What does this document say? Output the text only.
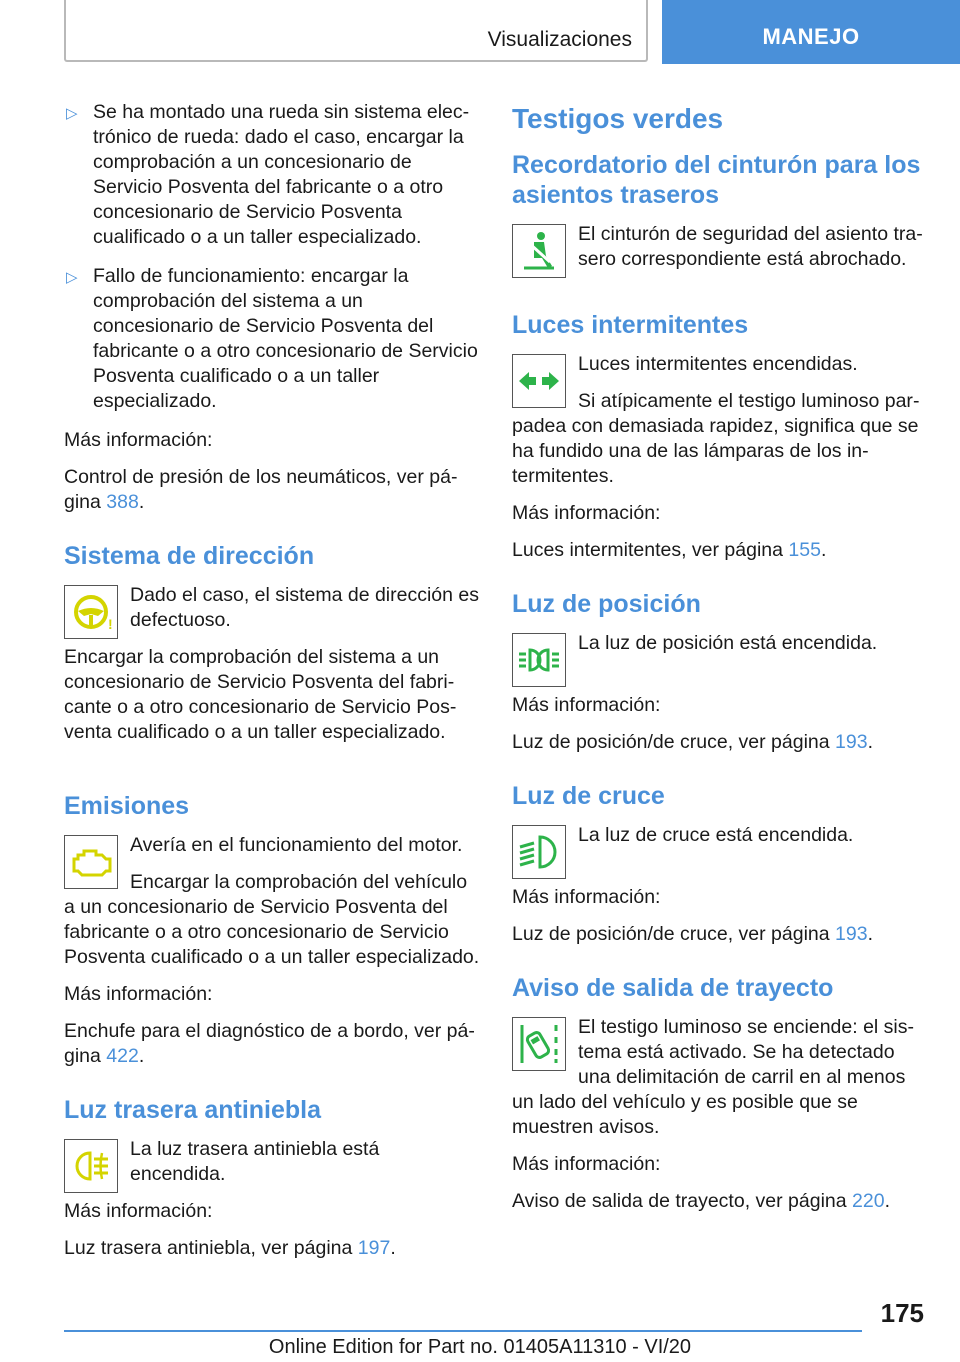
Visualizaciones	MANEJO
▷ Se ha montado una rueda sin sistema electrónico de rueda: dado el caso, encargar la comprobación a un concesionario de Servicio Posventa del fabricante o a otro concesionario de Servicio Posventa cualificado o a un taller especializado.
▷ Fallo de funcionamiento: encargar la comprobación del sistema a un concesionario de Servicio Posventa del fabricante o a otro concesionario de Servicio Posventa cualificado o a un taller especializado.

Más información:

Control de presión de los neumáticos, ver página 388.

Sistema de dirección
!

Dado el caso, el sistema de dirección es defectuoso.

Encargar la comprobación del sistema a un concesionario de Servicio Posventa del fabricante o a otro concesionario de Servicio Posventa cualificado o a un taller especializado.

Emisiones

Avería en el funcionamiento del motor.

Encargar la comprobación del vehículo a un concesionario de Servicio Posventa del fabricante o a otro concesionario de Servicio Posventa cualificado o a un taller especializado.

Más información:

Enchufe para el diagnóstico de a bordo, ver página 422.

Luz trasera antiniebla

La luz trasera antiniebla está encendida.

Más información:

Luz trasera antiniebla, ver página 197.

Testigos verdes
Recordatorio del cinturón para los asientos traseros

El cinturón de seguridad del asiento trasero correspondiente está abrochado.

Luces intermitentes

Luces intermitentes encendidas.

Si atípicamente el testigo luminoso parpadea con demasiada rapidez, significa que se ha fundido una de las lámparas de los intermitentes.

Más información:

Luces intermitentes, ver página 155.

Luz de posición

La luz de posición está encendida.

Más información:

Luz de posición/de cruce, ver página 193.

Luz de cruce

La luz de cruce está encendida.

Más información:

Luz de posición/de cruce, ver página 193.

Aviso de salida de trayecto

El testigo luminoso se enciende: el sistema está activado. Se ha detectado una delimitación de carril en al menos un lado del vehículo y es posible que se muestren avisos.

Más información:

Aviso de salida de trayecto, ver página 220.

175
Online Edition for Part no. 01405A11310 - VI/20
